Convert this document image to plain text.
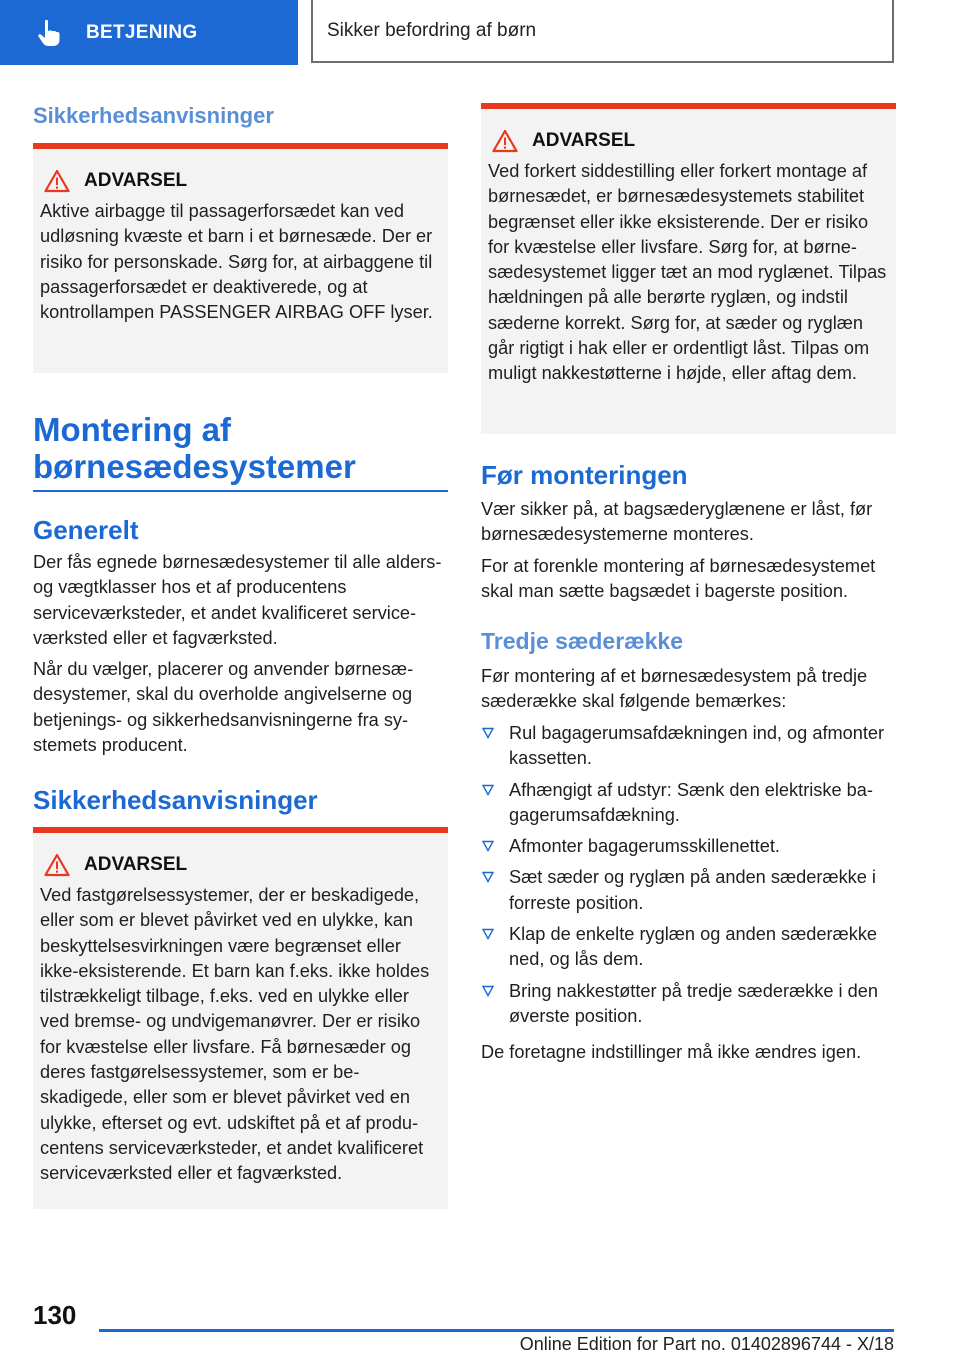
BETJENING	Sikker befordring af børn
Sikkerhedsanvisninger
ADVARSEL
Aktive airbagge til passagerforsædet kan ved udløsning kvæste et barn i et børnesæde. Der er risiko for personskade. Sørg for, at airbaggene til passagerforsædet er deaktiverede, og at kontrollampen PASSENGER AIRBAG OFF lyser.
Montering af
børnesædesystemer
Generelt
Der fås egnede børnesædesystemer til alle alders- og vægtklasser hos et af producentens serviceværksteder, et andet kvalificeret serviceværksted eller et fagværksted.
Når du vælger, placerer og anvender børnesædesystemer, skal du overholde angivelserne og betjenings- og sikkerhedsanvisningerne fra systemets producent.
Sikkerhedsanvisninger
ADVARSEL
Ved fastgørelsessystemer, der er beskadigede, eller som er blevet påvirket ved en ulykke, kan beskyttelsesvirkningen være begrænset eller ikke-eksisterende. Et barn kan f.eks. ikke holdes tilstrækkeligt tilbage, f.eks. ved en ulykke eller ved bremse- og undvigemanøvrer. Der er risiko for kvæstelse eller livsfare. Få børnesæder og deres fastgørelsessystemer, som er beskadigede, eller som er blevet påvirket ved en ulykke, efterset og evt. udskiftet på et af producentens serviceværksteder, et andet kvalificeret serviceværksted eller et fagværksted.
ADVARSEL
Ved forkert siddestilling eller forkert montage af børnesædet, er børnesædesystemets stabilitet begrænset eller ikke eksisterende. Der er risiko for kvæstelse eller livsfare. Sørg for, at børnesædesystemet ligger tæt an mod ryglænet. Tilpas hældningen på alle berørte ryglæn, og indstil sæderne korrekt. Sørg for, at sæder og ryglæn går rigtigt i hak eller er ordentligt låst. Tilpas om muligt nakkestøtterne i højde, eller aftag dem.
Før monteringen
Vær sikker på, at bagsæderyglænene er låst, før børnesædesystemerne monteres.
For at forenkle montering af børnesædesystemet skal man sætte bagsædet i bagerste position.
Tredje sæderække
Før montering af et børnesædesystem på tredje sæderække skal følgende bemærkes:
Rul bagagerumsafdækningen ind, og afmonter kassetten.
Afhængigt af udstyr: Sænk den elektriske bagagerumsafdækning.
Afmonter bagagerumsskillenettet.
Sæt sæder og ryglæn på anden sæderække i forreste position.
Klap de enkelte ryglæn og anden sæderække ned, og lås dem.
Bring nakkestøtter på tredje sæderække i den øverste position.
De foretagne indstillinger må ikke ændres igen.
130
Online Edition for Part no. 01402896744 - X/18
